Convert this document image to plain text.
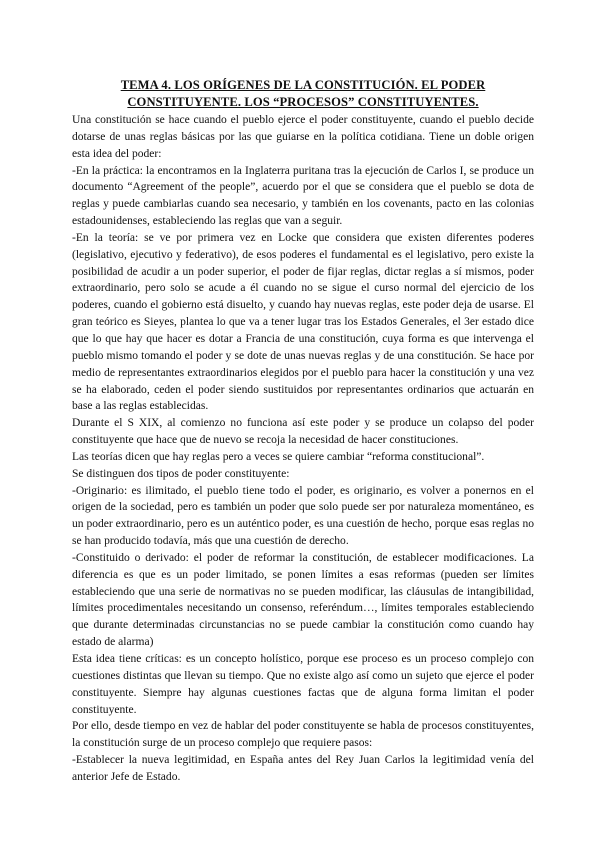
TEMA 4. LOS ORÍGENES DE LA CONSTITUCIÓN. EL PODER
CONSTITUYENTE. LOS “PROCESOS” CONSTITUYENTES.

Una constitución se hace cuando el pueblo ejerce el poder constituyente, cuando el pueblo decide dotarse de unas reglas básicas por las que guiarse en la política cotidiana. Tiene un doble origen esta idea del poder:

-En la práctica: la encontramos en la Inglaterra puritana tras la ejecución de Carlos I, se produce un documento “Agreement of the people”, acuerdo por el que se considera que el pueblo se dota de reglas y puede cambiarlas cuando sea necesario, y también en los covenants, pacto en las colonias estadounidenses, estableciendo las reglas que van a seguir.

-En la teoría: se ve por primera vez en Locke que considera que existen diferentes poderes (legislativo, ejecutivo y federativo), de esos poderes el fundamental es el legislativo, pero existe la posibilidad de acudir a un poder superior, el poder de fijar reglas, dictar reglas a sí mismos, poder extraordinario, pero solo se acude a él cuando no se sigue el curso normal del ejercicio de los poderes, cuando el gobierno está disuelto, y cuando hay nuevas reglas, este poder deja de usarse. El gran teórico es Sieyes, plantea lo que va a tener lugar tras los Estados Generales, el 3er estado dice que lo que hay que hacer es dotar a Francia de una constitución, cuya forma es que intervenga el pueblo mismo tomando el poder y se dote de unas nuevas reglas y de una constitución. Se hace por medio de representantes extraordinarios elegidos por el pueblo para hacer la constitución y una vez se ha elaborado, ceden el poder siendo sustituidos por representantes ordinarios que actuarán en base a las reglas establecidas.

Durante el S XIX, al comienzo no funciona así este poder y se produce un colapso del poder constituyente que hace que de nuevo se recoja la necesidad de hacer constituciones.

Las teorías dicen que hay reglas pero a veces se quiere cambiar “reforma constitucional”.

Se distinguen dos tipos de poder constituyente:

-Originario: es ilimitado, el pueblo tiene todo el poder, es originario, es volver a ponernos en el origen de la sociedad, pero es también un poder que solo puede ser por naturaleza momentáneo, es un poder extraordinario, pero es un auténtico poder, es una cuestión de hecho, porque esas reglas no se han producido todavía, más que una cuestión de derecho.

-Constituido o derivado: el poder de reformar la constitución, de establecer modificaciones. La diferencia es que es un poder limitado, se ponen límites a esas reformas (pueden ser límites estableciendo que una serie de normativas no se pueden modificar, las cláusulas de intangibilidad, límites procedimentales necesitando un consenso, referéndum…, límites temporales estableciendo que durante determinadas circunstancias no se puede cambiar la constitución como cuando hay estado de alarma)

Esta idea tiene críticas: es un concepto holístico, porque ese proceso es un proceso complejo con cuestiones distintas que llevan su tiempo. Que no existe algo así como un sujeto que ejerce el poder constituyente. Siempre hay algunas cuestiones factas que de alguna forma limitan el poder constituyente.

Por ello, desde tiempo en vez de hablar del poder constituyente se habla de procesos constituyentes, la constitución surge de un proceso complejo que requiere pasos:

-Establecer la nueva legitimidad, en España antes del Rey Juan Carlos la legitimidad venía del anterior Jefe de Estado.
